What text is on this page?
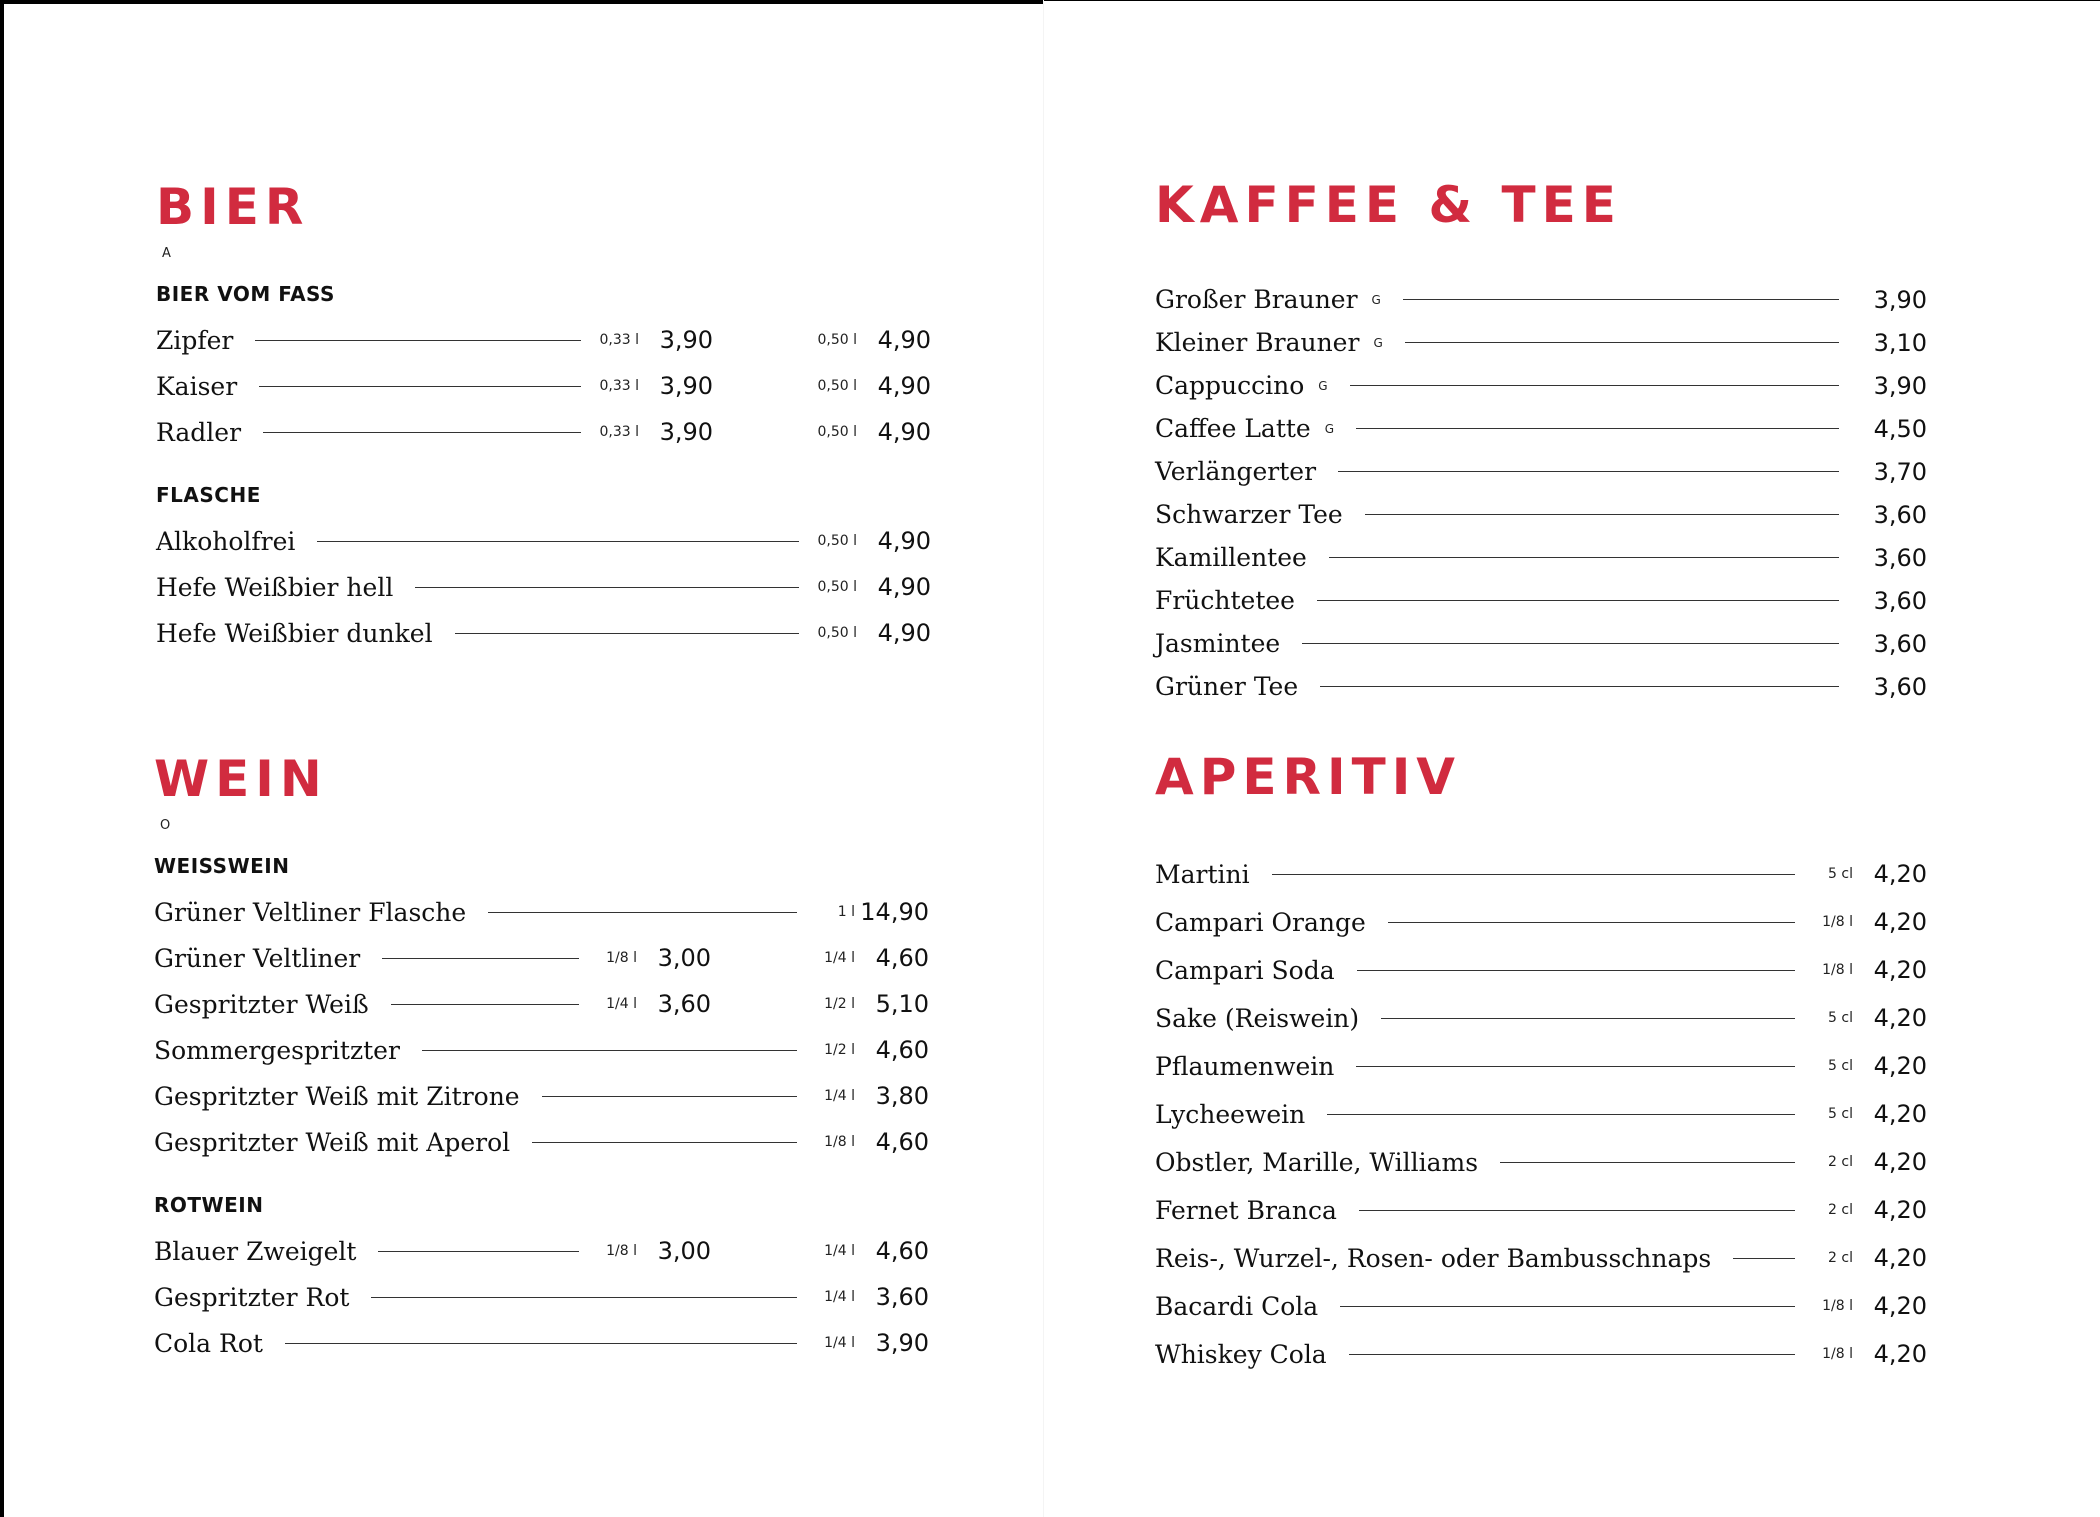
BIER
A
BIER VOM FASS
Zipfer	0,33 l 3,90	0,50 l 4,90
Kaiser	0,33 l 3,90	0,50 l 4,90
Radler	0,33 l 3,90	0,50 l 4,90
FLASCHE
Alkoholfrei	0,50 l 4,90
Hefe Weißbier hell	0,50 l 4,90
Hefe Weißbier dunkel	0,50 l 4,90
WEIN
O
WEISSWEIN
Grüner Veltliner Flasche	1 l 14,90
Grüner Veltliner	1/8 l 3,00	1/4 l 4,60
Gespritzter Weiß	1/4 l 3,60	1/2 l 5,10
Sommergespritzter	1/2 l 4,60
Gespritzter Weiß mit Zitrone	1/4 l 3,80
Gespritzter Weiß mit Aperol	1/8 l 4,60
ROTWEIN
Blauer Zweigelt	1/8 l 3,00	1/4 l 4,60
Gespritzter Rot	1/4 l 3,60
Cola Rot	1/4 l 3,90
KAFFEE & TEE
Großer Brauner G	3,90
Kleiner Brauner G	3,10
Cappuccino G	3,90
Caffee Latte G	4,50
Verlängerter	3,70
Schwarzer Tee	3,60
Kamillentee	3,60
Früchtetee	3,60
Jasmintee	3,60
Grüner Tee	3,60
APERITIV
Martini	5 cl 4,20
Campari Orange	1/8 l 4,20
Campari Soda	1/8 l 4,20
Sake (Reiswein)	5 cl 4,20
Pflaumenwein	5 cl 4,20
Lycheewein	5 cl 4,20
Obstler, Marille, Williams	2 cl 4,20
Fernet Branca	2 cl 4,20
Reis-, Wurzel-, Rosen- oder Bambusschnaps	2 cl 4,20
Bacardi Cola	1/8 l 4,20
Whiskey Cola	1/8 l 4,20
